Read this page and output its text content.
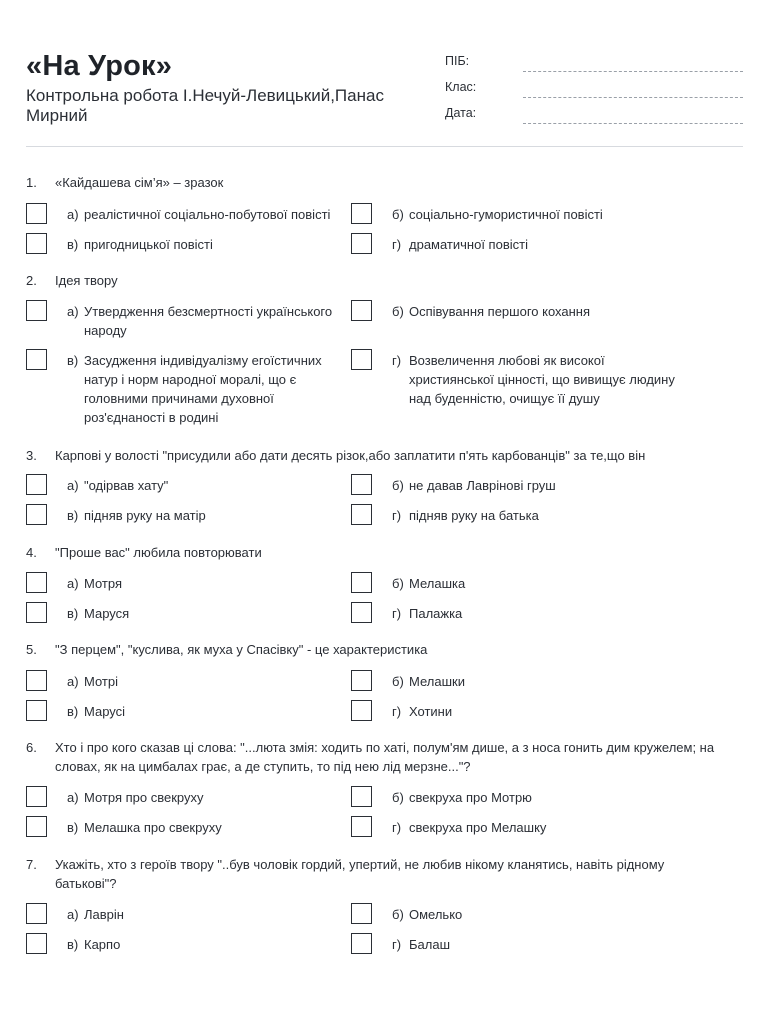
«На Урок»
Контрольна робота І.Нечуй-Левицький,Панас Мирний
ПІБ:
Клас:
Дата:
1. «Кайдашева сім’я» – зразок
а) реалістичної соціально-побутової повісті	б) соціально-гумористичної повісті
в) пригодницької повісті	г) драматичної повісті
2. Ідея твору
а) Утвердження безсмертності українського народу
б) Оспівування першого кохання
в) Засудження індивідуалізму егоїстичних натур і норм народної моралі, що є головними причинами духовної роз'єднаності в родині
г) Возвеличення любові як високої християнської цінності, що вивищує людину над буденністю, очищує її душу
3. Карпові у волості "присудили або дати десять різок,або заплатити п'ять карбованців" за те,що він
а) "одірвав хату"	б) не давав Лаврінові груш
в) підняв руку на матір	г) підняв руку на батька
4. "Проше вас" любила повторювати
а) Мотря	б) Мелашка
в) Маруся	г) Палажка
5. "З перцем", "куслива, як муха у Спасівку" - це характеристика
а) Мотрі	б) Мелашки
в) Марусі	г) Хотини
6. Хто і про кого сказав ці слова: "...люта змія: ходить по хаті, полум'ям дише, а з носа гонить дим кружелем; на словах, як на цимбалах грає, а де ступить, то під нею лід мерзне..."?
а) Мотря про свекруху	б) свекруха про Мотрю
в) Мелашка про свекруху	г) свекруха про Мелашку
7. Укажіть, хто з героїв твору "..був чоловік гордий, упертий, не любив нікому кланятись, навіть рідному батькові"?
а) Лаврін	б) Омелько
в) Карпо	г) Балаш
